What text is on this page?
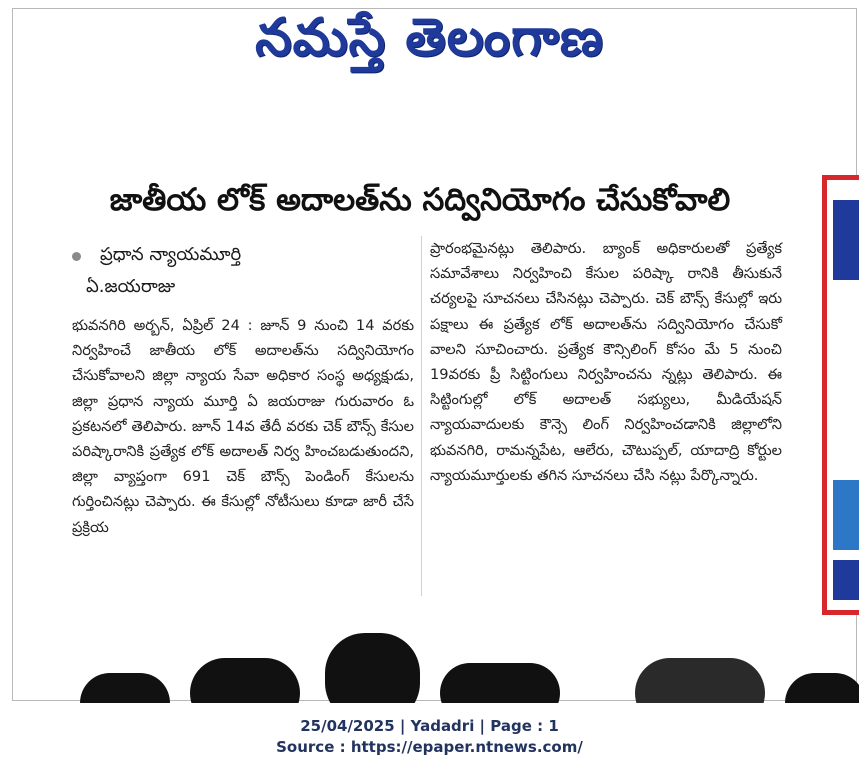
నమస్తే తెలంగాణ
జాతీయ లోక్ అదాలత్‌ను సద్వినియోగం చేసుకోవాలి
ప్రధాన న్యాయమూర్తి
ఏ.జయరాజు
భువనగిరి అర్బన్, ఏప్రిల్ 24 : జూన్ 9 నుంచి 14 వరకు నిర్వహించే జాతీయ లోక్ అదాలత్‌ను సద్వినియోగం చేసుకోవాలని జిల్లా న్యాయ సేవా అధికార సంస్థ అధ్యక్షుడు, జిల్లా ప్రధాన న్యాయ మూర్తి ఏ జయరాజు గురువారం ఓ ప్రకటనలో తెలిపారు. జూన్ 14వ తేదీ వరకు చెక్ బౌన్స్ కేసుల పరిష్కారానికి ప్రత్యేక లోక్ అదాలత్ నిర్వ హించబడుతుందని, జిల్లా వ్యాప్తంగా 691 చెక్ బౌన్స్ పెండింగ్ కేసులను గుర్తించినట్లు చెప్పారు. ఈ కేసుల్లో నోటీసులు కూడా జారీ చేసే ప్రక్రియ
ప్రారంభమైనట్లు తెలిపారు. బ్యాంక్ అధికారులతో ప్రత్యేక సమావేశాలు నిర్వహించి కేసుల పరిష్కా రానికి తీసుకునే చర్యలపై సూచనలు చేసినట్లు చెప్పారు. చెక్ బౌన్స్ కేసుల్లో ఇరు పక్షాలు ఈ ప్రత్యేక లోక్ అదాలత్‌ను సద్వినియోగం చేసుకో వాలని సూచించారు. ప్రత్యేక కౌన్సిలింగ్ కోసం మే 5 నుంచి 19వరకు ప్రీ సిట్టింగులు నిర్వహించను న్నట్లు తెలిపారు. ఈ సిట్టింగుల్లో లోక్ అదాలత్ సభ్యులు, మీడియేషన్ న్యాయవాదులకు కౌన్సె లింగ్ నిర్వహించడానికి జిల్లాలోని భువనగిరి, రామన్నపేట, ఆలేరు, చౌటుప్పల్, యాదాద్రి కోర్టుల న్యాయమూర్తులకు తగిన సూచనలు చేసి నట్లు పేర్కొన్నారు.
25/04/2025 | Yadadri | Page : 1
Source : https://epaper.ntnews.com/
